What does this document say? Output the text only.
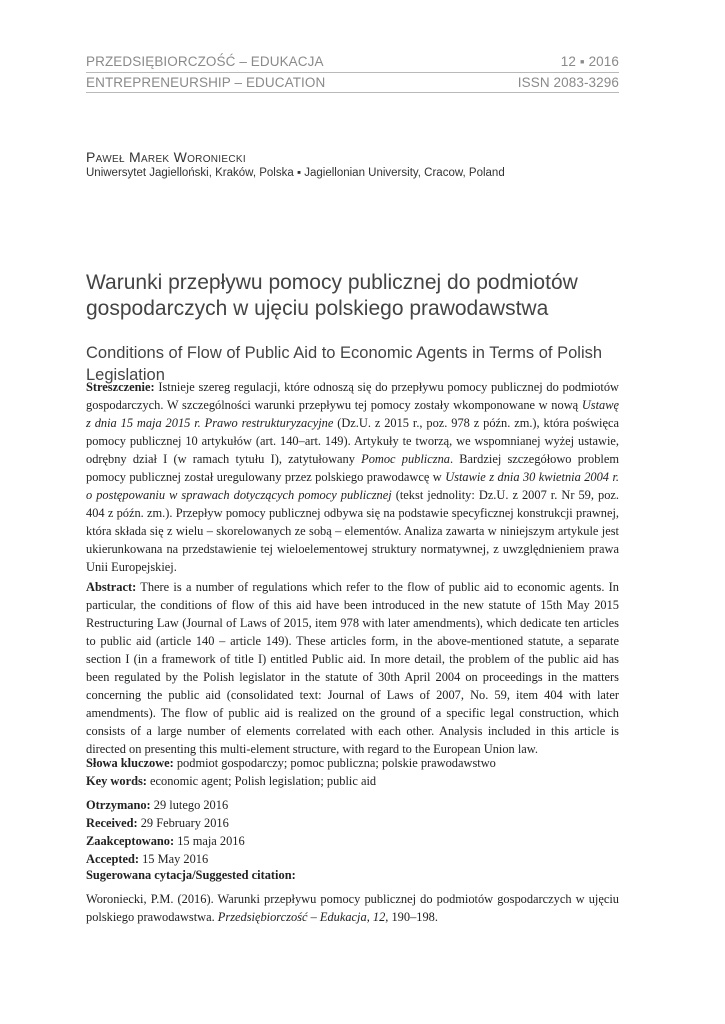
PRZEDSIĘBIORCZOŚĆ – EDUKACJA	12 ▪ 2016
ENTREPRENEURSHIP – EDUCATION	ISSN 2083-3296
Paweł Marek Woroniecki
Uniwersytet Jagielloński, Kraków, Polska ▪ Jagiellonian University, Cracow, Poland
Warunki przepływu pomocy publicznej do podmiotów gospodarczych w ujęciu polskiego prawodawstwa
Conditions of Flow of Public Aid to Economic Agents in Terms of Polish Legislation

Streszczenie: Istnieje szereg regulacji, które odnoszą się do przepływu pomocy publicznej do podmiotów gospodarczych. W szczególności warunki przepływu tej pomocy zostały wkomponowane w nową Ustawę z dnia 15 maja 2015 r. Prawo restrukturyzacyjne (Dz.U. z 2015 r., poz. 978 z późn. zm.), która poświęca pomocy publicznej 10 artykułów (art. 140–art. 149). Artykuły te tworzą, we wspomnianej wyżej ustawie, odrębny dział I (w ramach tytułu I), zatytułowany Pomoc publiczna. Bardziej szczegółowo problem pomocy publicznej został uregulowany przez polskiego prawodawcę w Ustawie z dnia 30 kwietnia 2004 r. o postępowaniu w sprawach dotyczących pomocy publicznej (tekst jednolity: Dz.U. z 2007 r. Nr 59, poz. 404 z późn. zm.). Przepływ pomocy publicznej odbywa się na podstawie specyficznej konstrukcji prawnej, która składa się z wielu – skorelowanych ze sobą – elementów. Analiza zawarta w niniejszym artykule jest ukierunkowana na przedstawienie tej wieloelementowej struktury normatywnej, z uwzględnieniem prawa Unii Europejskiej.

Abstract: There is a number of regulations which refer to the flow of public aid to economic agents. In particular, the conditions of flow of this aid have been introduced in the new statute of 15th May 2015 Restructuring Law (Journal of Laws of 2015, item 978 with later amendments), which dedicate ten articles to public aid (article 140 – article 149). These articles form, in the above-mentioned statute, a separate section I (in a framework of title I) entitled Public aid. In more detail, the problem of the public aid has been regulated by the Polish legislator in the statute of 30th April 2004 on proceedings in the matters concerning the public aid (consolidated text: Journal of Laws of 2007, No. 59, item 404 with later amendments). The flow of public aid is realized on the ground of a specific legal construction, which consists of a large number of elements correlated with each other. Analysis included in this article is directed on presenting this multi-element structure, with regard to the European Union law.

Słowa kluczowe: podmiot gospodarczy; pomoc publiczna; polskie prawodawstwo

Key words: economic agent; Polish legislation; public aid

Otrzymano: 29 lutego 2016

Received: 29 February 2016

Zaakceptowano: 15 maja 2016

Accepted: 15 May 2016

Sugerowana cytacja/Suggested citation:

Woroniecki, P.M. (2016). Warunki przepływu pomocy publicznej do podmiotów gospodarczych w ujęciu polskiego prawodawstwa. Przedsiębiorczość – Edukacja, 12, 190–198.
